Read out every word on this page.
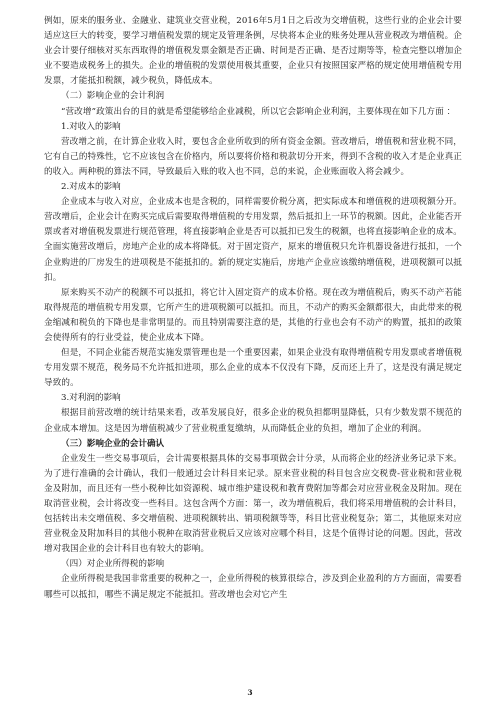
例如，原来的服务业、金融业、建筑业交营业税，2016年5月1日之后改为交增值税，这些行业的企业会计要适应这巨大的转变，要学习增值税发票的规定及管理条例，尽快将本企业的账务处理从营业税改为增值税。企业会计要仔细核对买东西取得的增值税发票金额是否正确、时间是否正确、是否过期等等，检查完整以增加企业不要造成税务上的损失。企业的增值税的发票使用极其重要，企业只有按照国家严格的规定使用增值税专用发票，才能抵扣税额，减少税负，降低成本。

（二）影响企业的会计利润

“营改增”政策出台的目的就是希望能够给企业减税，所以它会影响企业利润，主要体现在如下几方面 ：

1.对收入的影响

营改增之前，在计算企业收入时，要包含企业所收到的所有资金金额。营改增后，增值税和营业税不同，它有自己的特殊性，它不应该包含在价格内，所以要将价格和税款切分开来，得到不含税的收入才是企业真正的收入。两种税的算法不同，导致最后入账的收入也不同，总的来说，企业账面收入将会减少。

2.对成本的影响

企业成本与收入对应，企业成本也是含税的，同样需要价税分离，把实际成本和增值税的进项税额分开。营改增后，企业会计在购买完成后需要取得增值税的专用发票，然后抵扣上一环节的税额。因此，企业能否开票或者对增值税发票进行规范管理，将直接影响企业是否可以抵扣已发生的税额，也将直接影响企业的成本。全面实施营改增后，房地产企业的成本将降低。对于固定资产，原来的增值税只允许机器设备进行抵扣，一个企业购进的厂房发生的进项税是不能抵扣的。新的规定实施后，房地产企业应该缴纳增值税，进项税额可以抵扣。

原来购买不动产的税额不可以抵扣，将它计入固定资产的成本价格。现在改为增值税后，购买不动产若能取得规范的增值税专用发票，它所产生的进项税额可以抵扣。而且，不动产的购买金额都很大，由此带来的税金缩减和税负的下降也是非常明显的。而且特别需要注意的是，其他的行业也会有不动产的购置，抵扣的政策会使得所有的行业受益，使企业成本下降。

但是，不同企业能否规范实施发票管理也是一个重要因素，如果企业没有取得增值税专用发票或者增值税专用发票不规范，税务局不允许抵扣进项，那么企业的成本不仅没有下降，反而还上升了，这是没有满足规定导致的。

3.对利润的影响

根据目前营改增的统计结果来看，改革发展良好，很多企业的税负担都明显降低，只有少数发票不规范的企业成本增加。这是因为增值税减少了营业税重复缴纳，从而降低企业的负担，增加了企业的利润。

（三）影响企业的会计确认

企业发生一些交易事项后，会计需要根据具体的交易事项做会计分录，从而将企业的经济业务记录下来。为了进行准确的会计确认，我们一般通过会计科目来记录。原来营业税的科目包含应交税费-营业税和营业税金及附加，而且还有一些小税种比如资源税、城市维护建设税和教育费附加等都会对应营业税金及附加。现在取消营业税，会计将改变一些科目。这包含两个方面：第一，改为增值税后，我们将采用增值税的会计科目，包括转出未交增值税、多交增值税、进项税额转出、销项税额等等，科目比营业税复杂；第二，其他原来对应营业税金及附加科目的其他小税种在取消营业税后又应该对应哪个科目，这是个值得讨论的问题。因此，营改增对我国企业的会计科目也有较大的影响。

（四）对企业所得税的影响

企业所得税是我国非常重要的税种之一，企业所得税的核算很综合，涉及到企业盈利的方方面面，需要看哪些可以抵扣，哪些不满足规定不能抵扣。营改增也会对它产生

3
